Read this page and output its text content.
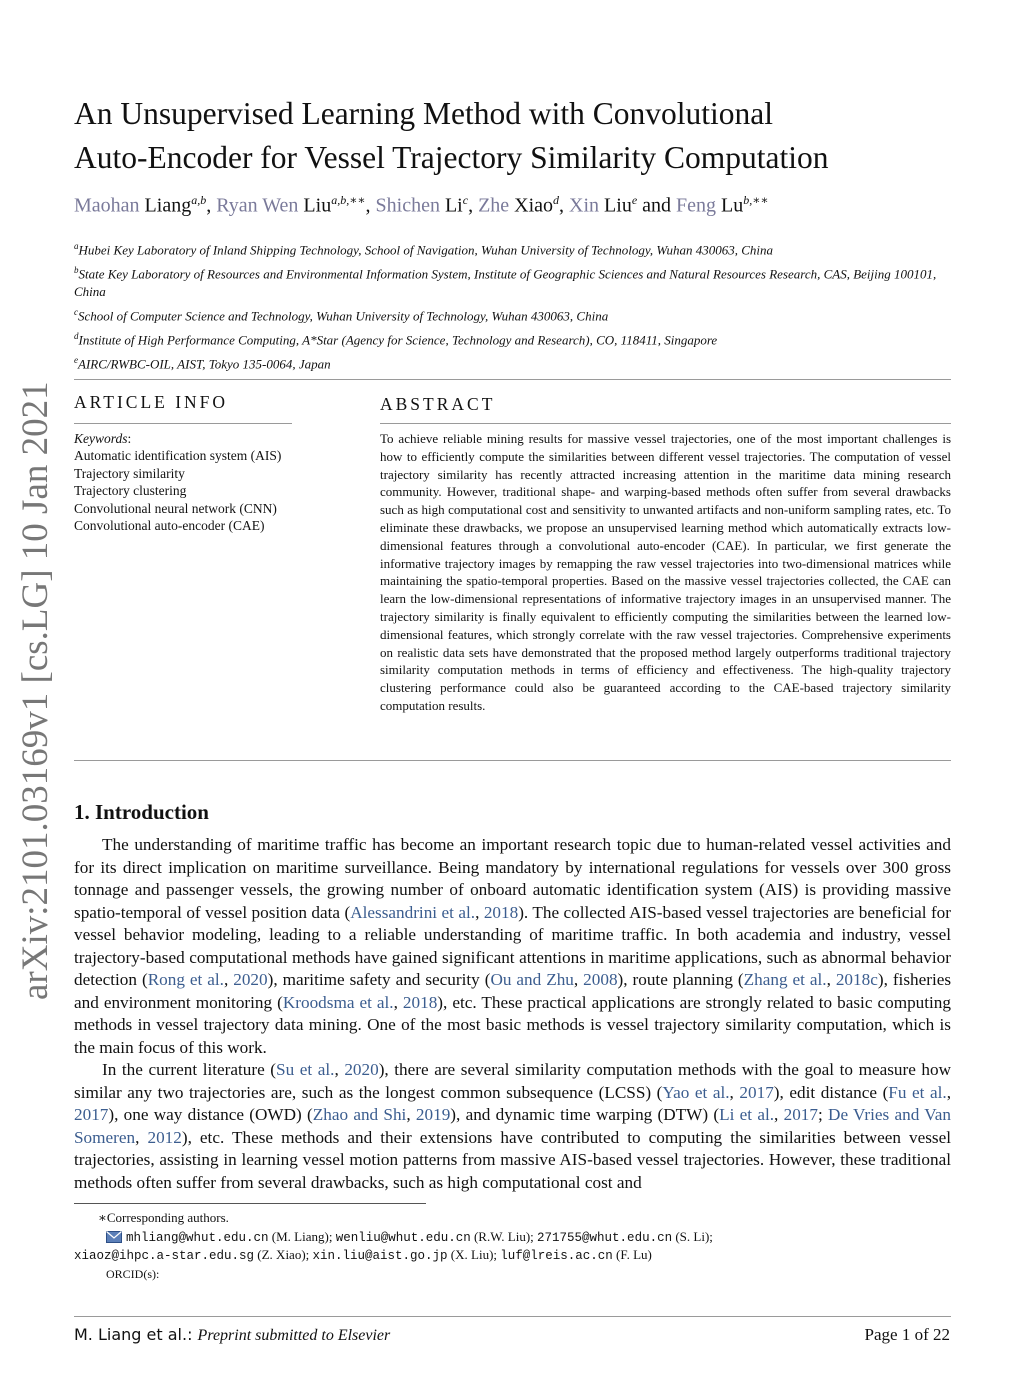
arXiv:2101.03169v1 [cs.LG] 10 Jan 2021
An Unsupervised Learning Method with Convolutional
Auto-Encoder for Vessel Trajectory Similarity Computation
Maohan Liang$^{a,b}$, Ryan Wen Liu$^{a,b,∗∗}$, Shichen Li$^c$, Zhe Xiao$^d$, Xin Liu$^e$ and Feng $Lu^{b,∗∗}$
$^a$Hubei Key Laboratory of Inland Shipping Technology, School of Navigation, Wuhan University of Technology, Wuhan 430063, China
$^b$State Key Laboratory of Resources and Environmental Information System, Institute of Geographic Sciences and Natural Resources Research, CAS, Beijing 100101, China
$^c$School of Computer Science and Technology, Wuhan University of Technology, Wuhan 430063, China
$^d$Institute of High Performance Computing, A*Star (Agency for Science, Technology and Research), CO, 118411, Singapore
$^e$AIRC/RWBC-OIL, AIST, Tokyo 135-0064, Japan
ARTICLE INFO	ABSTRACT
Keywords:
Automatic identification system (AIS)
Trajectory similarity
Trajectory clustering
Convolutional neural network (CNN)
Convolutional auto-encoder (CAE)
To achieve reliable mining results for massive vessel trajectories, one of the most important challenges is how to efficiently compute the similarities between different vessel trajectories. The computation of vessel trajectory similarity has recently attracted increasing attention in the maritime data mining research community. However, traditional shape- and warping-based methods often suffer from several drawbacks such as high computational cost and sensitivity to unwanted artifacts and non-uniform sampling rates, etc. To eliminate these drawbacks, we propose an unsupervised learning method which automatically extracts low-dimensional features through a convolutional auto-encoder (CAE). In particular, we first generate the informative trajectory images by remapping the raw vessel trajectories into two-dimensional matrices while maintaining the spatio-temporal properties. Based on the massive vessel trajectories collected, the CAE can learn the low-dimensional representations of informative trajectory images in an unsupervised manner. The trajectory similarity is finally equivalent to efficiently computing the similarities between the learned low-dimensional features, which strongly correlate with the raw vessel trajectories. Comprehensive experiments on realistic data sets have demonstrated that the proposed method largely outperforms traditional trajectory similarity computation methods in terms of efficiency and effectiveness. The high-quality trajectory clustering performance could also be guaranteed according to the CAE-based trajectory similarity computation results.
1. Introduction

The understanding of maritime traffic has become an important research topic due to human-related vessel activities and for its direct implication on maritime surveillance. Being mandatory by international regulations for vessels over 300 gross tonnage and passenger vessels, the growing number of onboard automatic identification system (AIS) is providing massive spatio-temporal of vessel position data (Alessandrini et al., 2018). The collected AIS-based vessel trajectories are beneficial for vessel behavior modeling, leading to a reliable understanding of maritime traffic. In both academia and industry, vessel trajectory-based computational methods have gained significant attentions in maritime applications, such as abnormal behavior detection (Rong et al., 2020), maritime safety and security (Ou and Zhu, 2008), route planning (Zhang et al., 2018c), fisheries and environment monitoring (Kroodsma et al., 2018), etc. These practical applications are strongly related to basic computing methods in vessel trajectory data mining. One of the most basic methods is vessel trajectory similarity computation, which is the main focus of this work.

In the current literature (Su et al., 2020), there are several similarity computation methods with the goal to measure how similar any two trajectories are, such as the longest common subsequence (LCSS) (Yao et al., 2017), edit distance (Fu et al., 2017), one way distance (OWD) (Zhao and Shi, 2019), and dynamic time warping (DTW) (Li et al., 2017; De Vries and Van Someren, 2012), etc. These methods and their extensions have contributed to computing the similarities between vessel trajectories, assisting in learning vessel motion patterns from massive AIS-based vessel trajectories. However, these traditional methods often suffer from several drawbacks, such as high computational cost and

∗Corresponding authors.
mhliang@whut.edu.cn (M. Liang); wenliu@whut.edu.cn (R.W. Liu); 271755@whut.edu.cn (S. Li);
xiaoz@ihpc.a-star.edu.sg (Z. Xiao); xin.liu@aist.go.jp (X. Liu); luf@lreis.ac.cn (F. Lu)
ORCID(s):
M. Liang et al.: Preprint submitted to Elsevier	Page 1 of 22
